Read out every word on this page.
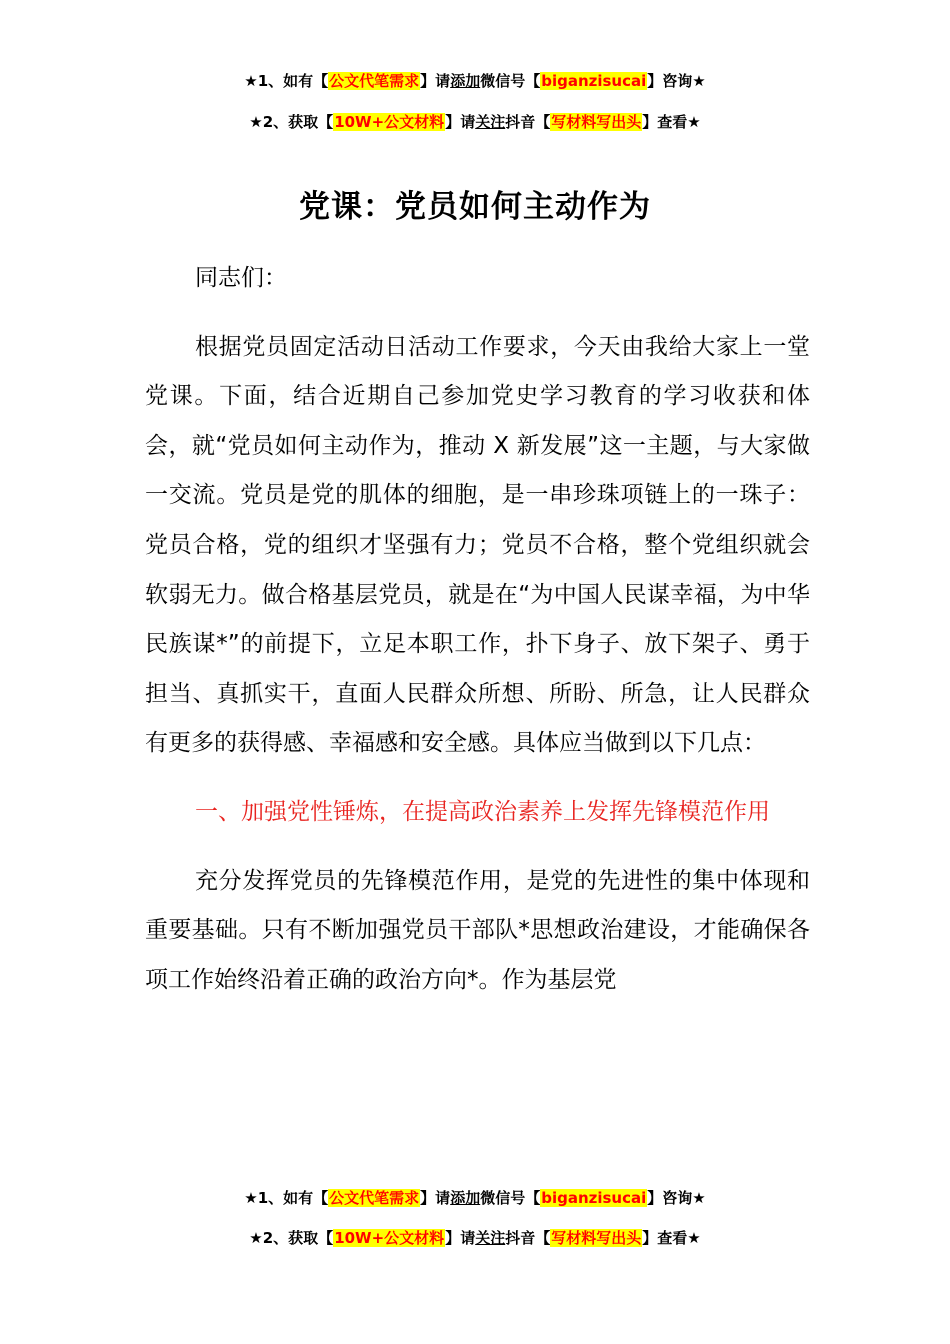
★1、如有【公文代笔需求】请添加微信号【biganzisucai】咨询★
★2、获取【10W+公文材料】请关注抖音【写材料写出头】查看★
党课：党员如何主动作为

同志们：

根据党员固定活动日活动工作要求，今天由我给大家上一堂党课。下面，结合近期自己参加党史学习教育的学习收获和体会，就“党员如何主动作为，推动 X 新发展”这一主题，与大家做一交流。党员是党的肌体的细胞，是一串珍珠项链上的一珠子：党员合格，党的组织才坚强有力；党员不合格，整个党组织就会软弱无力。做合格基层党员，就是在“为中国人民谋幸福，为中华民族谋*”的前提下，立足本职工作，扑下身子、放下架子、勇于担当、真抓实干，直面人民群众所想、所盼、所急，让人民群众有更多的获得感、幸福感和安全感。具体应当做到以下几点：

一、加强党性锤炼，在提高政治素养上发挥先锋模范作用

充分发挥党员的先锋模范作用，是党的先进性的集中体现和重要基础。只有不断加强党员干部队*思想政治建设，才能确保各项工作始终沿着正确的政治方向*。作为基层党

★1、如有【公文代笔需求】请添加微信号【biganzisucai】咨询★
★2、获取【10W+公文材料】请关注抖音【写材料写出头】查看★
